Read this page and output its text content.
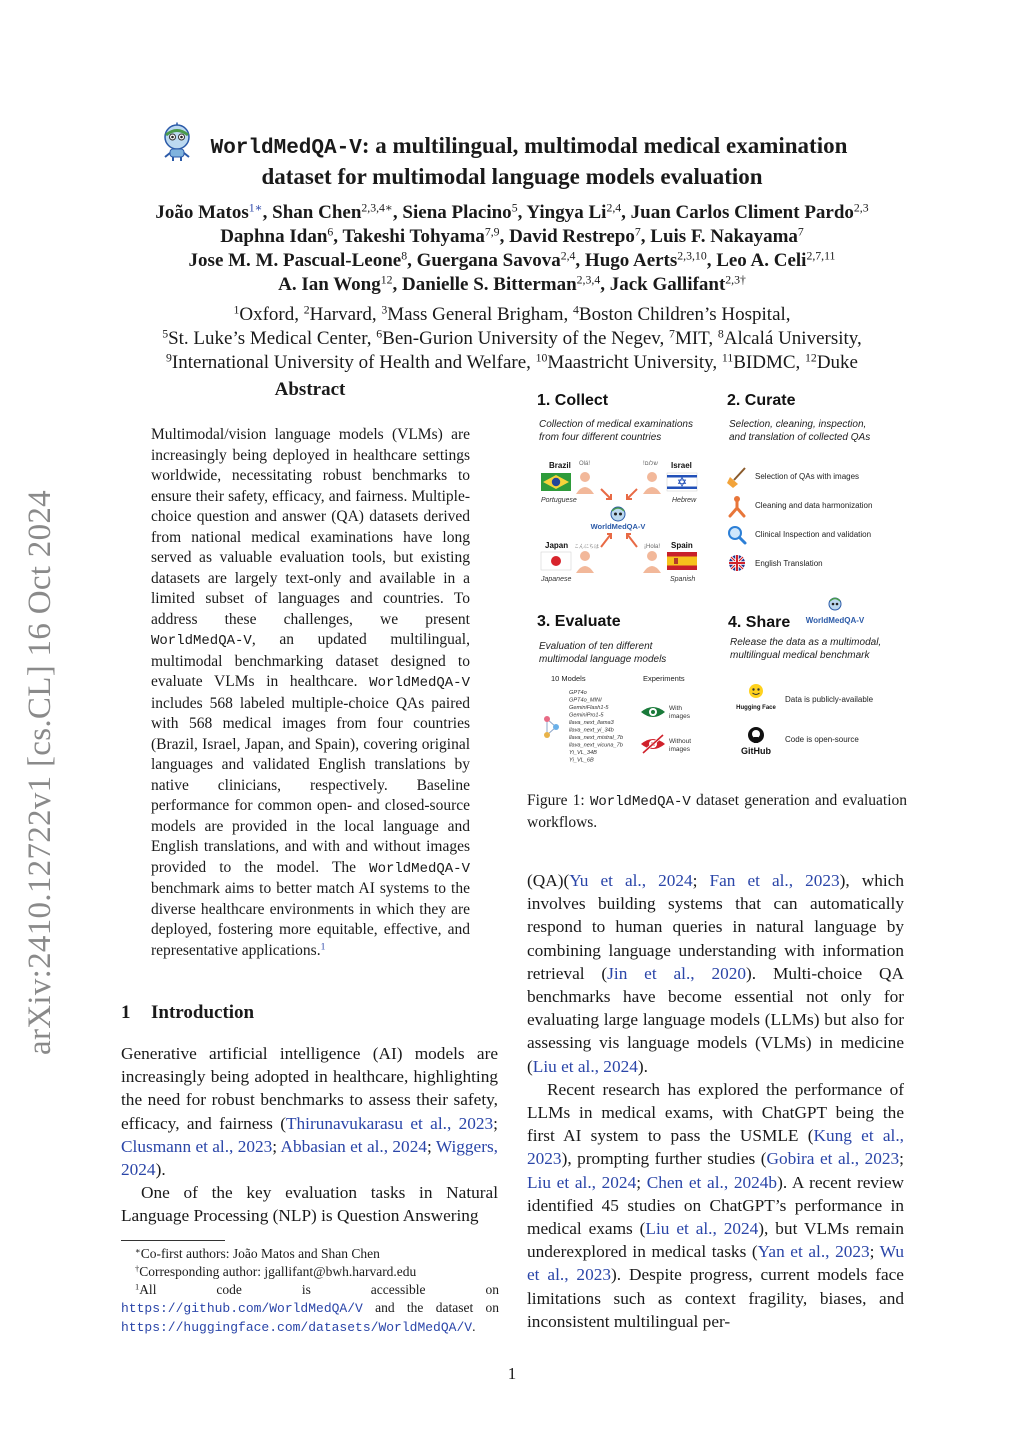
arXiv:2410.12722v1 [cs.CL] 16 Oct 2024
WorldMedQA-V: a multilingual, multimodal medical examination
dataset for multimodal language models evaluation
João Matos$^{1∗}$, Shan Chen$^{2,3,4∗}$, Siena Placino$^5$, Yingya Li$^{2,4}$, Juan Carlos Climent Pardo$^{2,3}$
Daphna Idan$^6$, Takeshi Tohyama$^{7,9}$, David Restrepo$^7$, Luis F. Nakayama$^7$
Jose M. M. Pascual-Leone$^8$, Guergana Savova$^{2,4}$, Hugo Aerts$^{2,3,10}$, Leo A. Celi$^{2,7,11}$
A. Ian Wong$^{12}$, Danielle S. Bitterman$^{2,3,4}$, Jack Gallifant$^{2,3\dagger}$
$^1$Oxford, $^2$Harvard, $^3$Mass General Brigham, $^4$Boston Children’s Hospital,
$^5$St. Luke’s Medical Center, $^6$Ben-Gurion University of the Negev, $^7$MIT, $^8$Alcalá University,
$^9$International University of Health and Welfare, $^{10}$Maastricht University, $^{11}$BIDMC, $^{12}$Duke
Abstract
Multimodal/vision language models (VLMs) are increasingly being deployed in healthcare settings worldwide, necessitating robust benchmarks to ensure their safety, efficacy, and fairness. Multiple-choice question and answer (QA) datasets derived from national medical examinations have long served as valuable evaluation tools, but existing datasets are largely text-only and available in a limited subset of languages and countries. To address these challenges, we present WorldMedQA-V, an updated multilingual, multimodal benchmarking dataset designed to evaluate VLMs in healthcare. WorldMedQA-V includes 568 labeled multiple-choice QAs paired with 568 medical images from four countries (Brazil, Israel, Japan, and Spain), covering original languages and validated English translations by native clinicians, respectively. Baseline performance for common open- and closed-source models are provided in the local language and English translations, and with and without images provided to the model. The WorldMedQA-V benchmark aims to better match AI systems to the diverse healthcare environments in which they are deployed, fostering more equitable, effective, and representative applications.$^1$
1 Introduction

Generative artificial intelligence (AI) models are increasingly being adopted in healthcare, highlighting the need for robust benchmarks to assess their safety, efficacy, and fairness (Thirunavukarasu et al., 2023; Clusmann et al., 2023; Abbasian et al., 2024; Wiggers, 2024).

One of the key evaluation tasks in Natural Language Processing (NLP) is Question Answering

∗Co-first authors: João Matos and Shan Chen
†Corresponding author: jgallifant@bwh.harvard.edu
$^1$All code is accessible on https://github.com/WorldMedQA/V and the dataset on https://huggingface.com/datasets/WorldMedQA/V.
1. Collect
Collection of medical examinations
from four different countries
Brazil
Portuguese
Olá!	Israel
Hebrew
!שלום
WorldMedQA-V
Japan
Japanese
こんにちは	Spain
Spanish
¡Hola!
2. Curate
Selection, cleaning, inspection,
and translation of collected QAs
Selection of QAs with images
Cleaning and data harmonization
Clinical Inspection and validation
English Translation
3. Evaluate
Evaluation of ten different
multimodal language models
10 Models	Experiments
GPT4o
GPT4o_MINI
GeminiFlash1-5
GeminiPro1-5
llava_next_llama3
llava_next_yi_34b
llava_next_mistral_7b
llava_next_vicuna_7b
Yi_VL_34B
Yi_VL_6B
With
images
Without
images
4. Share WorldMedQA-V
Release the data as a multimodal,
multilingual medical benchmark
Hugging Face
Data is publicly-available
GitHub
Code is open-source
Figure 1: WorldMedQA-V dataset generation and evaluation workflows.

(QA)(Yu et al., 2024; Fan et al., 2023), which involves building systems that can automatically respond to human queries in natural language by combining language understanding with information retrieval (Jin et al., 2020). Multi-choice QA benchmarks have become essential not only for evaluating large language models (LLMs) but also for assessing vis language models (VLMs) in medicine (Liu et al., 2024).

Recent research has explored the performance of LLMs in medical exams, with ChatGPT being the first AI system to pass the USMLE (Kung et al., 2023), prompting further studies (Gobira et al., 2023; Liu et al., 2024; Chen et al., 2024b). A recent review identified 45 studies on ChatGPT’s performance in medical exams (Liu et al., 2024), but VLMs remain underexplored in medical tasks (Yan et al., 2023; Wu et al., 2023). Despite progress, current models face limitations such as context fragility, biases, and inconsistent multilingual per-

1
